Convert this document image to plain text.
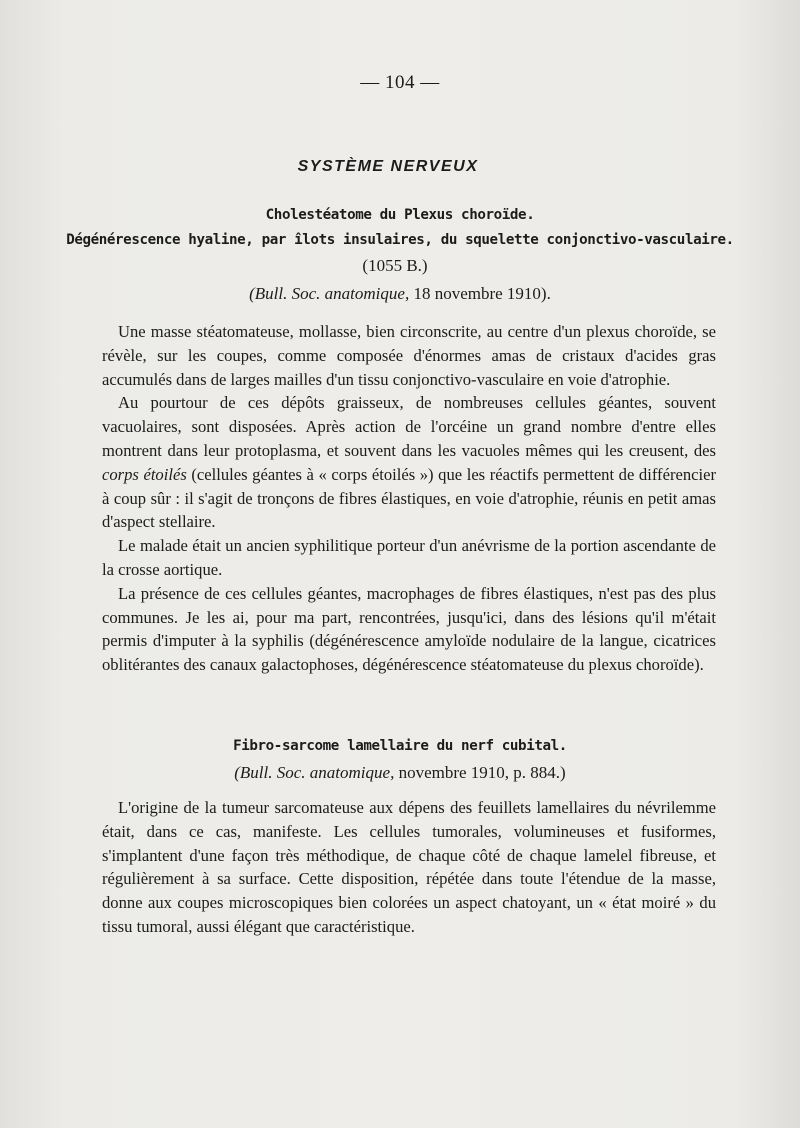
— 104 —
SYSTÈME NERVEUX
Cholestéatome du Plexus choroïde.
Dégénérescence hyaline, par îlots insulaires, du squelette conjonctivo-vasculaire.
(1055 B.)
(Bull. Soc. anatomique, 18 novembre 1910).

Une masse stéatomateuse, mollasse, bien circonscrite, au centre d'un plexus choroïde, se révèle, sur les coupes, comme composée d'énormes amas de cristaux d'acides gras accumulés dans de larges mailles d'un tissu conjonctivo-vasculaire en voie d'atrophie.

Au pourtour de ces dépôts graisseux, de nombreuses cellules géantes, souvent vacuolaires, sont disposées. Après action de l'orcéine un grand nombre d'entre elles montrent dans leur protoplasma, et souvent dans les vacuoles mêmes qui les creusent, des corps étoilés (cellules géantes à « corps étoilés ») que les réactifs permettent de différencier à coup sûr : il s'agit de tronçons de fibres élastiques, en voie d'atrophie, réunis en petit amas d'aspect stellaire.

Le malade était un ancien syphilitique porteur d'un anévrisme de la portion ascendante de la crosse aortique.

La présence de ces cellules géantes, macrophages de fibres élastiques, n'est pas des plus communes. Je les ai, pour ma part, rencontrées, jusqu'ici, dans des lésions qu'il m'était permis d'imputer à la syphilis (dégénérescence amyloïde nodulaire de la langue, cicatrices oblitérantes des canaux galactophoses, dégénérescence stéatomateuse du plexus choroïde).

Fibro-sarcome lamellaire du nerf cubital.
(Bull. Soc. anatomique, novembre 1910, p. 884.)

L'origine de la tumeur sarcomateuse aux dépens des feuillets lamellaires du névrilemme était, dans ce cas, manifeste. Les cellules tumorales, volumineuses et fusiformes, s'implantent d'une façon très méthodique, de chaque côté de chaque lamelel fibreuse, et régulièrement à sa surface. Cette disposition, répétée dans toute l'étendue de la masse, donne aux coupes microscopiques bien colorées un aspect chatoyant, un « état moiré » du tissu tumoral, aussi élégant que caractéristique.
